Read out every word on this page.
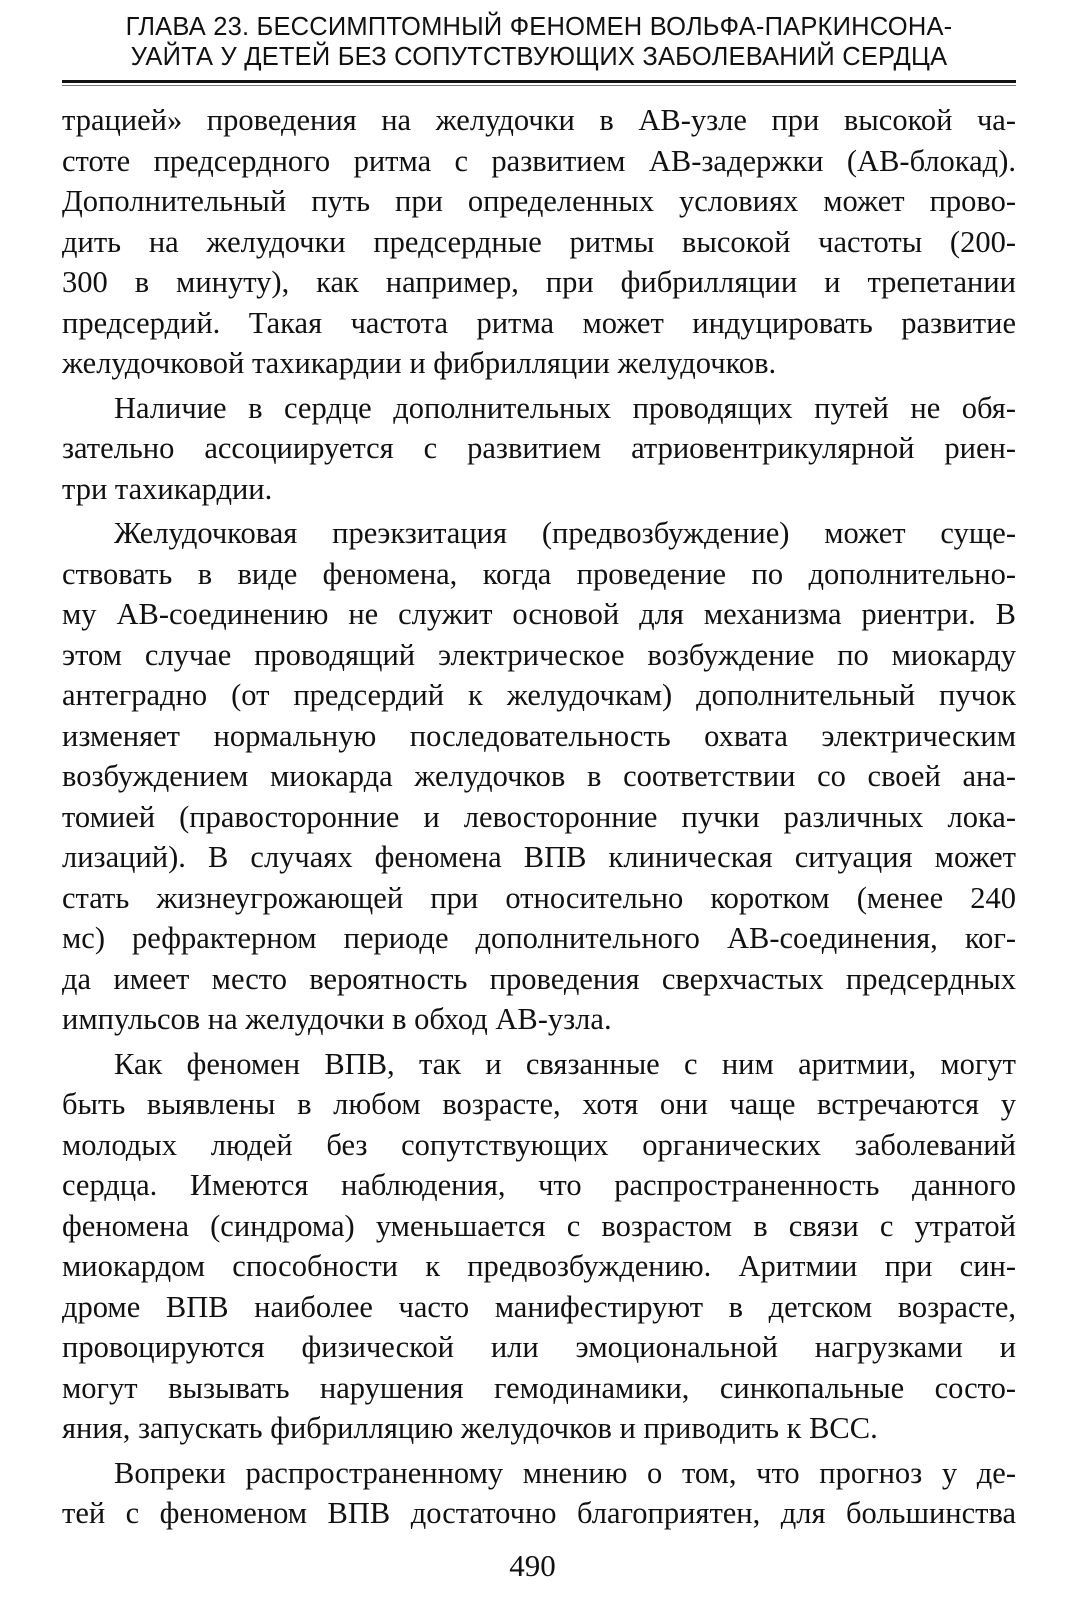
ГЛАВА 23. БЕССИМПТОМНЫЙ ФЕНОМЕН ВОЛЬФА-ПАРКИНСОНА-
УАЙТА У ДЕТЕЙ БЕЗ СОПУТСТВУЮЩИХ ЗАБОЛЕВАНИЙ СЕРДЦА
трацией» проведения на желудочки в АВ-узле при высокой ча-
стоте предсердного ритма с развитием АВ-задержки (АВ-блокад).
Дополнительный путь при определенных условиях может прово-
дить на желудочки предсердные ритмы высокой частоты (200-
300 в минуту), как например, при фибрилляции и трепетании
предсердий. Такая частота ритма может индуцировать развитие
желудочковой тахикардии и фибрилляции желудочков.
Наличие в сердце дополнительных проводящих путей не обя-
зательно ассоциируется с развитием атриовентрикулярной риен-
три тахикардии.
Желудочковая преэкзитация (предвозбуждение) может суще-
ствовать в виде феномена, когда проведение по дополнительно-
му АВ-соединению не служит основой для механизма риентри. В
этом случае проводящий электрическое возбуждение по миокарду
антеградно (от предсердий к желудочкам) дополнительный пучок
изменяет нормальную последовательность охвата электрическим
возбуждением миокарда желудочков в соответствии со своей ана-
томией (правосторонние и левосторонние пучки различных лока-
лизаций). В случаях феномена ВПВ клиническая ситуация может
стать жизнеугрожающей при относительно коротком (менее 240
мс) рефрактерном периоде дополнительного АВ-соединения, ког-
да имеет место вероятность проведения сверхчастых предсердных
импульсов на желудочки в обход АВ-узла.
Как феномен ВПВ, так и связанные с ним аритмии, могут
быть выявлены в любом возрасте, хотя они чаще встречаются у
молодых людей без сопутствующих органических заболеваний
сердца. Имеются наблюдения, что распространенность данного
феномена (синдрома) уменьшается с возрастом в связи с утратой
миокардом способности к предвозбуждению. Аритмии при син-
дроме ВПВ наиболее часто манифестируют в детском возрасте,
провоцируются физической или эмоциональной нагрузками и
могут вызывать нарушения гемодинамики, синкопальные состо-
яния, запускать фибрилляцию желудочков и приводить к ВСС.
Вопреки распространенному мнению о том, что прогноз у де-
тей с феноменом ВПВ достаточно благоприятен, для большинства
490
